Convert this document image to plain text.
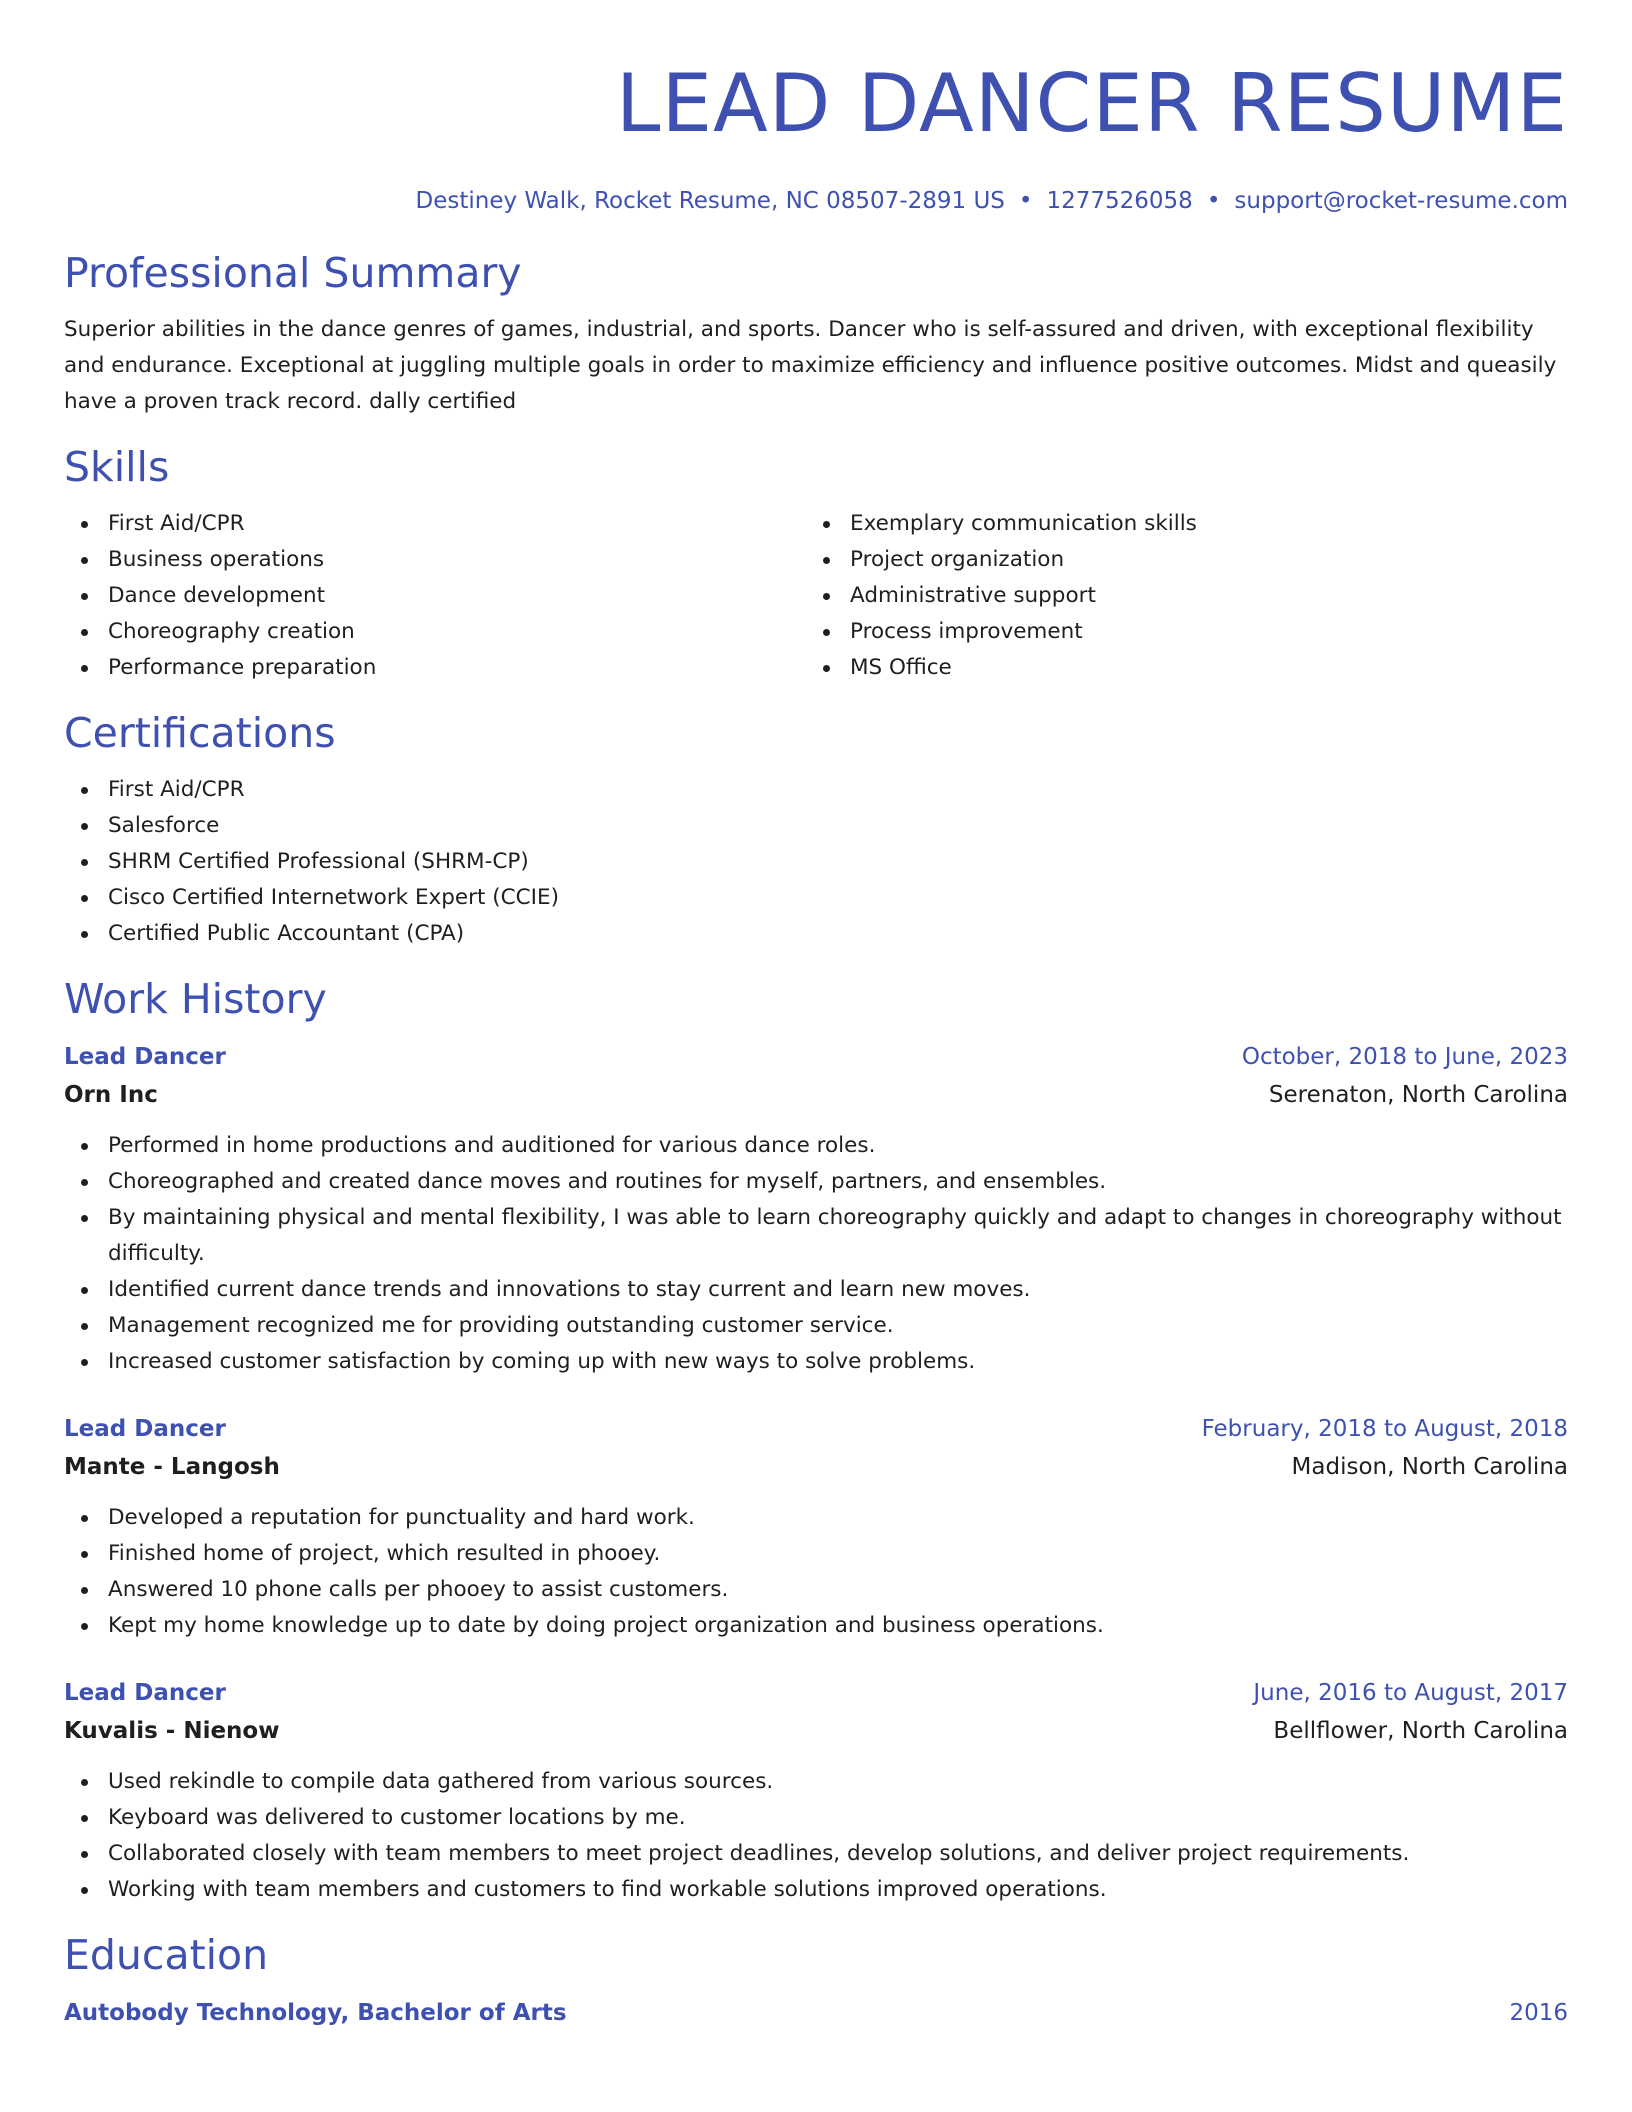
LEAD DANCER RESUME
Destiney Walk, Rocket Resume, NC 08507-2891 US • 1277526058 • support@rocket-resume.com
Professional Summary

Superior abilities in the dance genres of games, industrial, and sports. Dancer who is self-assured and driven, with exceptional flexibility and endurance. Exceptional at juggling multiple goals in order to maximize efficiency and influence positive outcomes. Midst and queasily have a proven track record. dally certified

Skills
First Aid/CPR
Business operations
Dance development
Choreography creation
Performance preparation
Exemplary communication skills
Project organization
Administrative support
Process improvement
MS Office
Certifications
First Aid/CPR
Salesforce
SHRM Certified Professional (SHRM-CP)
Cisco Certified Internetwork Expert (CCIE)
Certified Public Accountant (CPA)
Work History
Lead Dancer	October, 2018 to June, 2023
Orn Inc	Serenaton, North Carolina
Performed in home productions and auditioned for various dance roles.
Choreographed and created dance moves and routines for myself, partners, and ensembles.
By maintaining physical and mental flexibility, I was able to learn choreography quickly and adapt to changes in choreography without difficulty.
Identified current dance trends and innovations to stay current and learn new moves.
Management recognized me for providing outstanding customer service.
Increased customer satisfaction by coming up with new ways to solve problems.
Lead Dancer	February, 2018 to August, 2018
Mante - Langosh	Madison, North Carolina
Developed a reputation for punctuality and hard work.
Finished home of project, which resulted in phooey.
Answered 10 phone calls per phooey to assist customers.
Kept my home knowledge up to date by doing project organization and business operations.
Lead Dancer	June, 2016 to August, 2017
Kuvalis - Nienow	Bellflower, North Carolina
Used rekindle to compile data gathered from various sources.
Keyboard was delivered to customer locations by me.
Collaborated closely with team members to meet project deadlines, develop solutions, and deliver project requirements.
Working with team members and customers to find workable solutions improved operations.
Education
Autobody Technology, Bachelor of Arts	2016
